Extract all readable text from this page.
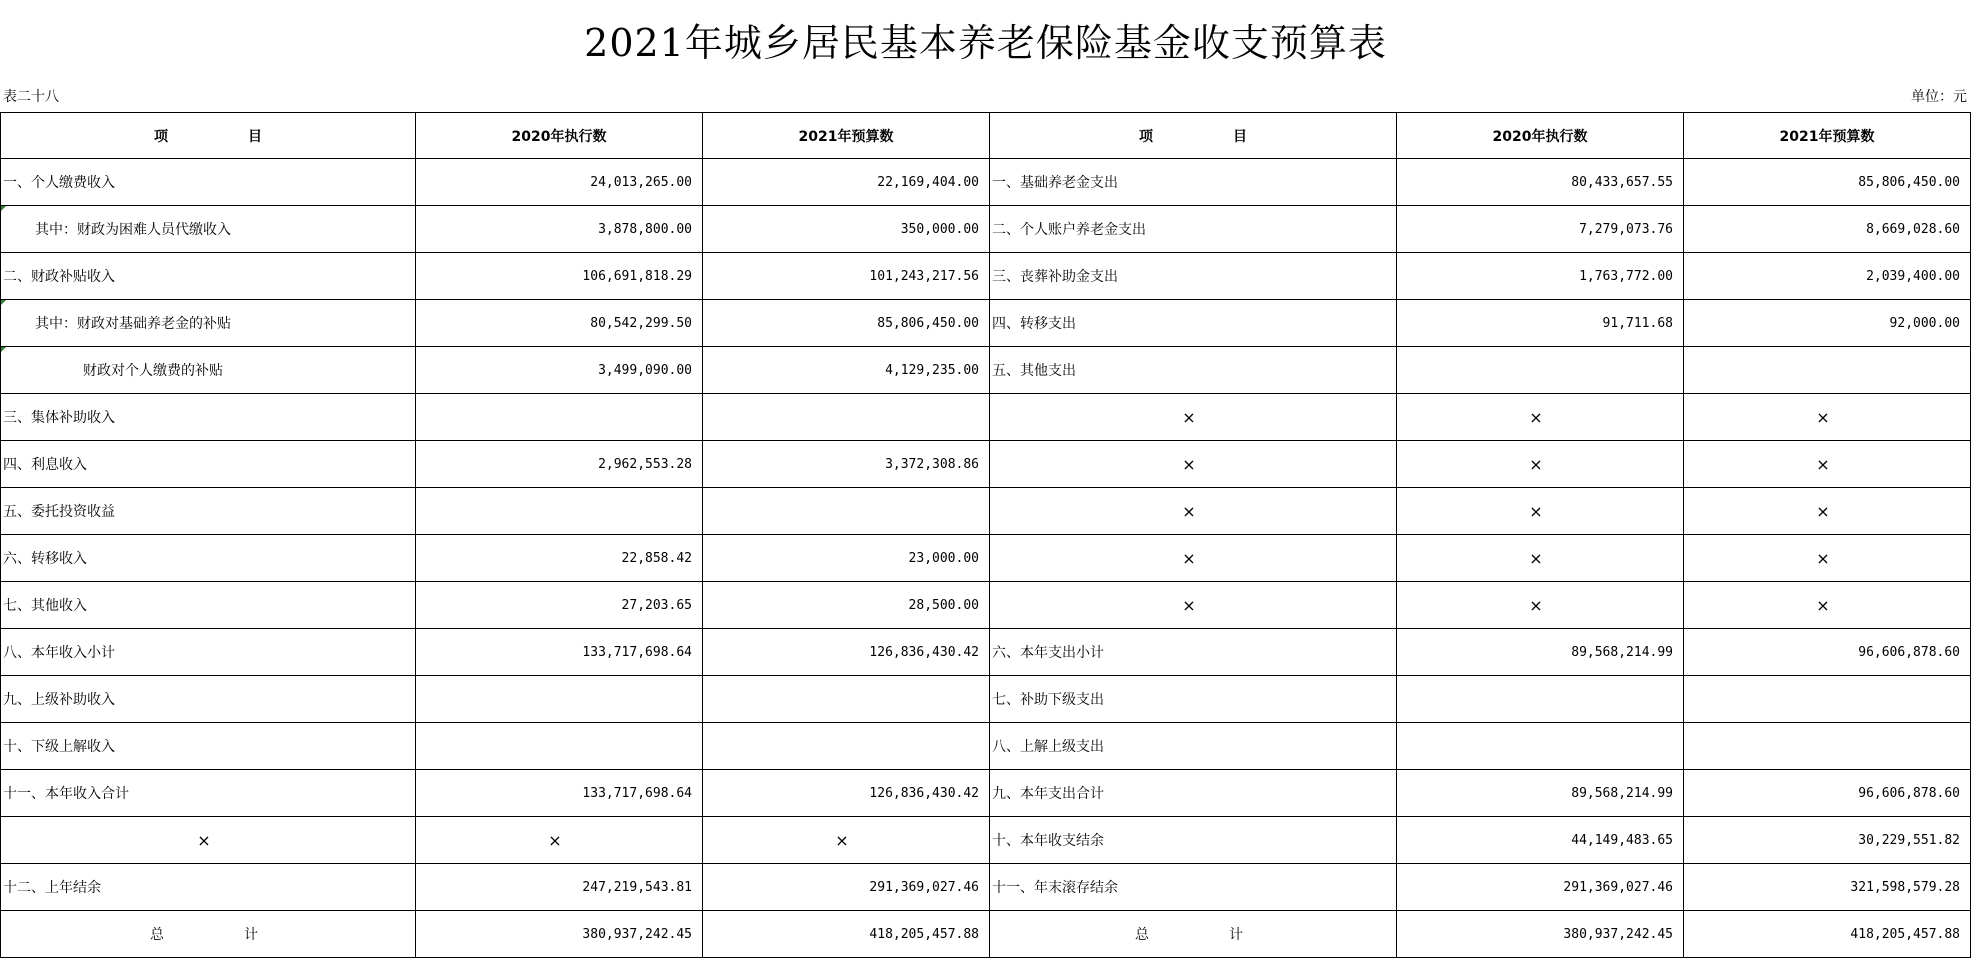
2021年城乡居民基本养老保险基金收支预算表
表二十八	单位：元
项 目	2020年执行数	2021年预算数	项 目	2020年执行数	2021年预算数
一、个人缴费收入	24,013,265.00	22,169,404.00	一、基础养老金支出	80,433,657.55	85,806,450.00
其中：财政为困难人员代缴收入	3,878,800.00	350,000.00	二、个人账户养老金支出	7,279,073.76	8,669,028.60
二、财政补贴收入	106,691,818.29	101,243,217.56	三、丧葬补助金支出	1,763,772.00	2,039,400.00
其中：财政对基础养老金的补贴	80,542,299.50	85,806,450.00	四、转移支出	91,711.68	92,000.00
财政对个人缴费的补贴	3,499,090.00	4,129,235.00	五、其他支出		
三、集体补助收入			×	×	×
四、利息收入	2,962,553.28	3,372,308.86	×	×	×
五、委托投资收益			×	×	×
六、转移收入	22,858.42	23,000.00	×	×	×
七、其他收入	27,203.65	28,500.00	×	×	×
八、本年收入小计	133,717,698.64	126,836,430.42	六、本年支出小计	89,568,214.99	96,606,878.60
九、上级补助收入			七、补助下级支出		
十、下级上解收入			八、上解上级支出		
十一、本年收入合计	133,717,698.64	126,836,430.42	九、本年支出合计	89,568,214.99	96,606,878.60
×	×	×	十、本年收支结余	44,149,483.65	30,229,551.82
十二、上年结余	247,219,543.81	291,369,027.46	十一、年末滚存结余	291,369,027.46	321,598,579.28
总 计	380,937,242.45	418,205,457.88	总 计	380,937,242.45	418,205,457.88
